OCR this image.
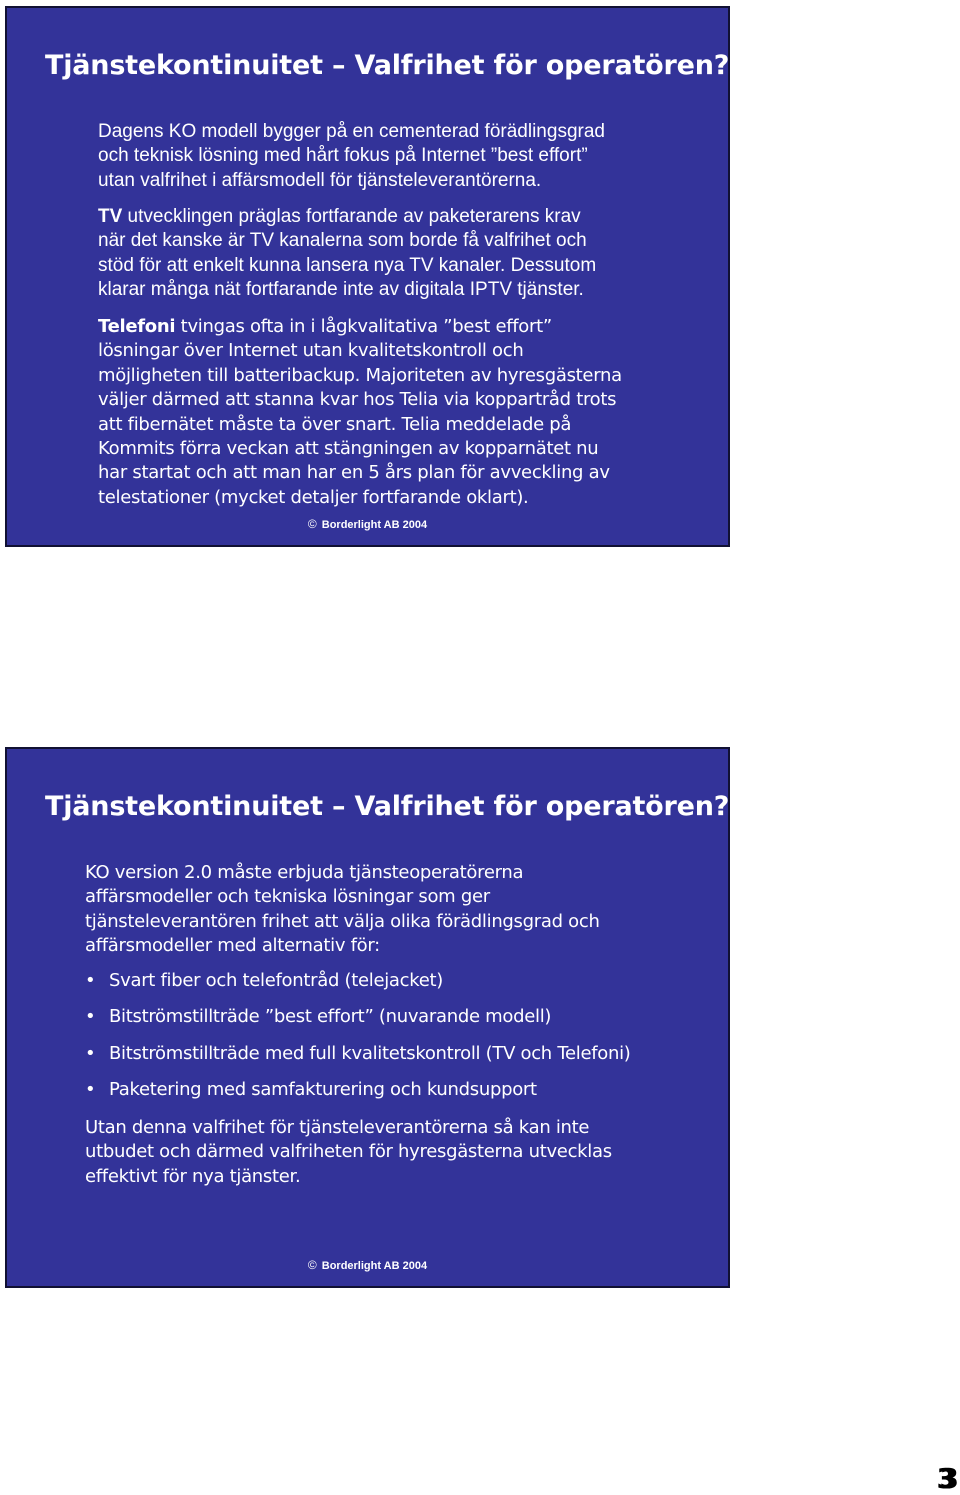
Tjänstekontinuitet – Valfrihet för operatören?

Dagens KO modell bygger på en cementerad förädlingsgrad
och teknisk lösning med hårt fokus på Internet ”best effort”
utan valfrihet i affärsmodell för tjänsteleverantörerna.

TV utvecklingen präglas fortfarande av paketerarens krav
när det kanske är TV kanalerna som borde få valfrihet och
stöd för att enkelt kunna lansera nya TV kanaler. Dessutom
klarar många nät fortfarande inte av digitala IPTV tjänster.

Telefoni tvingas ofta in i lågkvalitativa ”best effort”
lösningar över Internet utan kvalitetskontroll och
möjligheten till batteribackup. Majoriteten av hyresgästerna
väljer därmed att stanna kvar hos Telia via koppartråd trots
att fibernätet måste ta över snart. Telia meddelade på
Kommits förra veckan att stängningen av kopparnätet nu
har startat och att man har en 5 års plan för avveckling av
telestationer (mycket detaljer fortfarande oklart).

© Borderlight AB 2004
Tjänstekontinuitet – Valfrihet för operatören?

KO version 2.0 måste erbjuda tjänsteoperatörerna
affärsmodeller och tekniska lösningar som ger
tjänsteleverantören frihet att välja olika förädlingsgrad och
affärsmodeller med alternativ för:

• Svart fiber och telefontråd (telejacket)
• Bitströmstillträde ”best effort” (nuvarande modell)
• Bitströmstillträde med full kvalitetskontroll (TV och Telefoni)
• Paketering med samfakturering och kundsupport

Utan denna valfrihet för tjänsteleverantörerna så kan inte
utbudet och därmed valfriheten för hyresgästerna utvecklas
effektivt för nya tjänster.

© Borderlight AB 2004
3
